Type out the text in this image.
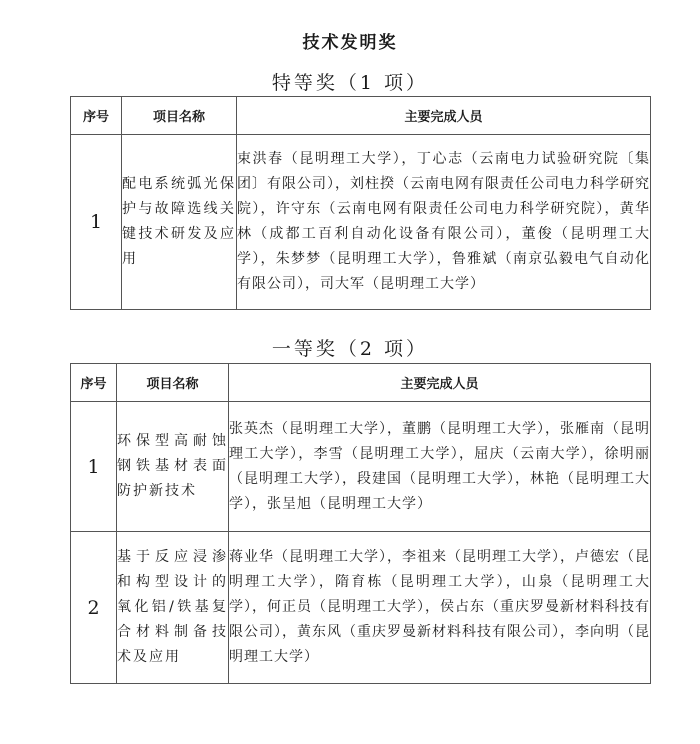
技术发明奖
特等奖（1 项）
序号	项目名称	主要完成人员
1	配电系统弧光保护与故障选线关键技术研发及应用	束洪春（昆明理工大学），丁心志（云南电力试验研究院〔集团〕有限公司），刘柱揆（云南电网有限责任公司电力科学研究院），许守东（云南电网有限责任公司电力科学研究院），黄华林（成都工百利自动化设备有限公司），董俊（昆明理工大学），朱梦梦（昆明理工大学），鲁雅斌（南京弘毅电气自动化有限公司），司大军（昆明理工大学）
一等奖（2 项）
序号	项目名称	主要完成人员
1	环保型高耐蚀钢铁基材表面防护新技术	张英杰（昆明理工大学），董鹏（昆明理工大学），张雁南（昆明理工大学），李雪（昆明理工大学），屈庆（云南大学），徐明丽（昆明理工大学），段建国（昆明理工大学），林艳（昆明理工大学），张呈旭（昆明理工大学）
2	基于反应浸渗和构型设计的氧化铝/铁基复合材料制备技术及应用	蒋业华（昆明理工大学），李祖来（昆明理工大学），卢德宏（昆明理工大学），隋育栋（昆明理工大学），山泉（昆明理工大学），何正员（昆明理工大学），侯占东（重庆罗曼新材料科技有限公司），黄东风（重庆罗曼新材料科技有限公司），李向明（昆明理工大学）
